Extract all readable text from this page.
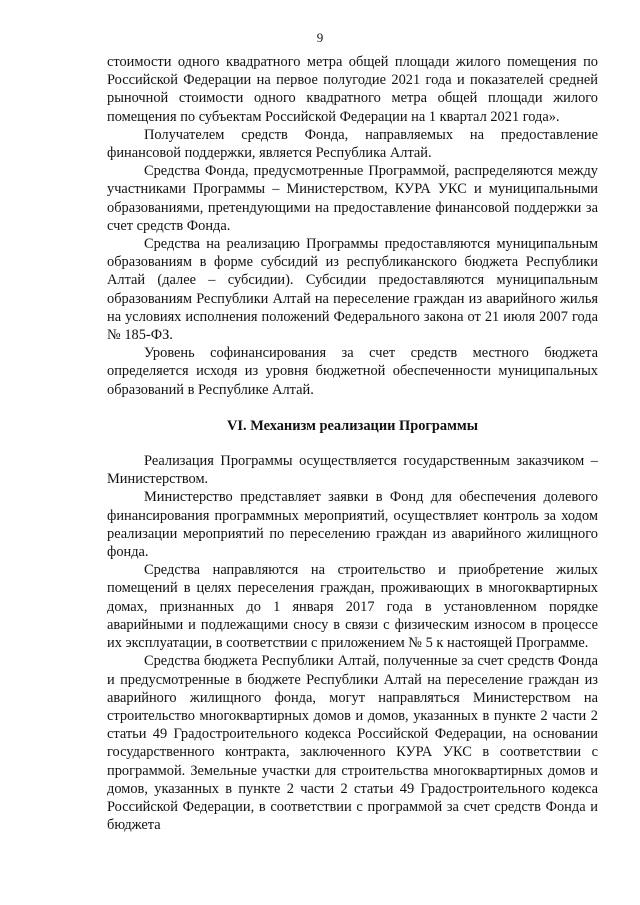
9

стоимости одного квадратного метра общей площади жилого помещения по Российской Федерации на первое полугодие 2021 года и показателей средней рыночной стоимости одного квадратного метра общей площади жилого помещения по субъектам Российской Федерации на 1 квартал 2021 года».

Получателем средств Фонда, направляемых на предоставление финансовой поддержки, является Республика Алтай.

Средства Фонда, предусмотренные Программой, распределяются между участниками Программы – Министерством, КУРА УКС и муниципальными образованиями, претендующими на предоставление финансовой поддержки за счет средств Фонда.

Средства на реализацию Программы предоставляются муниципальным образованиям в форме субсидий из республиканского бюджета Республики Алтай (далее – субсидии). Субсидии предоставляются муниципальным образованиям Республики Алтай на переселение граждан из аварийного жилья на условиях исполнения положений Федерального закона от 21 июля 2007 года № 185-ФЗ.

Уровень софинансирования за счет средств местного бюджета определяется исходя из уровня бюджетной обеспеченности муниципальных образований в Республике Алтай.

VI. Механизм реализации Программы

Реализация Программы осуществляется государственным заказчиком – Министерством.

Министерство представляет заявки в Фонд для обеспечения долевого финансирования программных мероприятий, осуществляет контроль за ходом реализации мероприятий по переселению граждан из аварийного жилищного фонда.

Средства направляются на строительство и приобретение жилых помещений в целях переселения граждан, проживающих в многоквартирных домах, признанных до 1 января 2017 года в установленном порядке аварийными и подлежащими сносу в связи с физическим износом в процессе их эксплуатации, в соответствии с приложением № 5 к настоящей Программе.

Средства бюджета Республики Алтай, полученные за счет средств Фонда и предусмотренные в бюджете Республики Алтай на переселение граждан из аварийного жилищного фонда, могут направляться Министерством на строительство многоквартирных домов и домов, указанных в пункте 2 части 2 статьи 49 Градостроительного кодекса Российской Федерации, на основании государственного контракта, заключенного КУРА УКС в соответствии с программой. Земельные участки для строительства многоквартирных домов и домов, указанных в пункте 2 части 2 статьи 49 Градостроительного кодекса Российской Федерации, в соответствии с программой за счет средств Фонда и бюджета
